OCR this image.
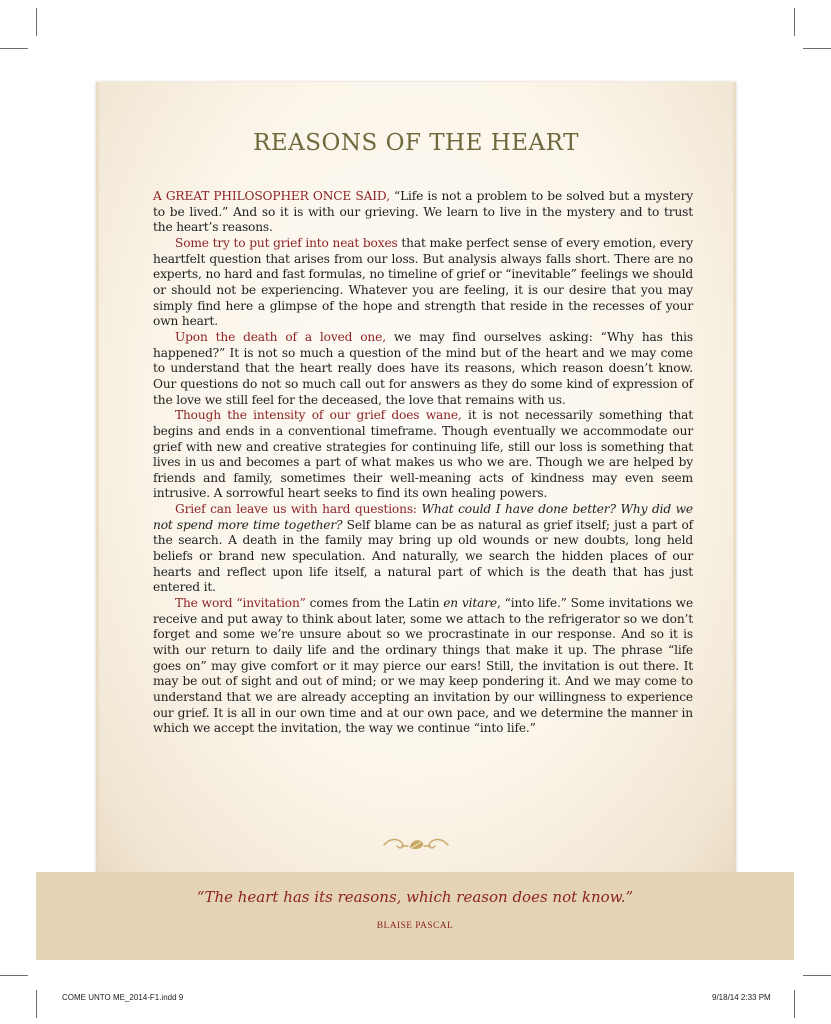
REASONS OF THE HEART

A GREAT PHILOSOPHER ONCE SAID, “Life is not a problem to be solved but a mystery to be lived.” And so it is with our grieving. We learn to live in the mystery and to trust the heart’s reasons.

Some try to put grief into neat boxes that make perfect sense of every emotion, every heartfelt question that arises from our loss. But analysis always falls short. There are no experts, no hard and fast formulas, no timeline of grief or “inevitable” feelings we should or should not be experiencing. Whatever you are feeling, it is our desire that you may simply find here a glimpse of the hope and strength that reside in the recesses of your own heart.

Upon the death of a loved one, we may find ourselves asking: “Why has this happened?” It is not so much a question of the mind but of the heart and we may come to understand that the heart really does have its reasons, which reason doesn’t know. Our questions do not so much call out for answers as they do some kind of expression of the love we still feel for the deceased, the love that remains with us.

Though the intensity of our grief does wane, it is not necessarily something that begins and ends in a conventional timeframe. Though eventually we accommodate our grief with new and creative strategies for continuing life, still our loss is something that lives in us and becomes a part of what makes us who we are. Though we are helped by friends and family, sometimes their well-meaning acts of kindness may even seem intrusive. A sorrowful heart seeks to find its own healing powers.

Grief can leave us with hard questions: What could I have done better? Why did we not spend more time together? Self blame can be as natural as grief itself; just a part of the search. A death in the family may bring up old wounds or new doubts, long held beliefs or brand new speculation. And naturally, we search the hidden places of our hearts and reflect upon life itself, a natural part of which is the death that has just entered it.

The word “invitation” comes from the Latin en vitare, “into life.” Some invitations we receive and put away to think about later, some we attach to the refrigerator so we don’t forget and some we’re unsure about so we procrastinate in our response. And so it is with our return to daily life and the ordinary things that make it up. The phrase “life goes on” may give comfort or it may pierce our ears! Still, the invitation is out there. It may be out of sight and out of mind; or we may keep pondering it. And we may come to understand that we are already accepting an invitation by our willingness to experience our grief. It is all in our own time and at our own pace, and we determine the manner in which we accept the invitation, the way we continue “into life.”

“The heart has its reasons, which reason does not know.”
BLAISE PASCAL
COME UNTO ME_2014-F1.indd 9	9/18/14 2:33 PM
